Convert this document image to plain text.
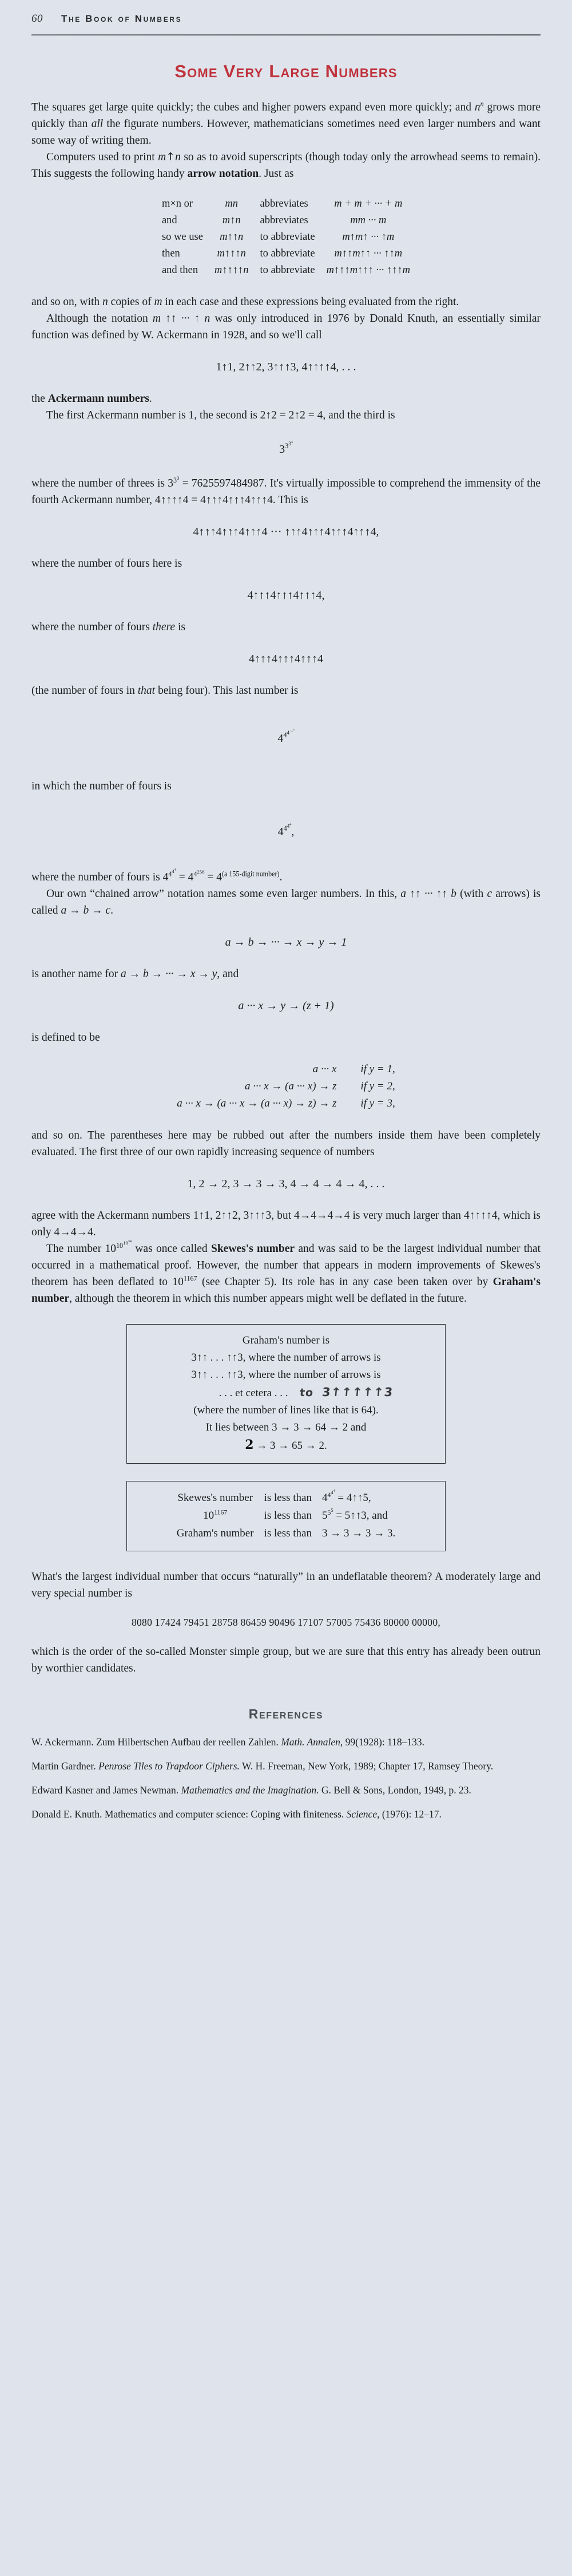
60 The Book of Numbers
Some Very Large Numbers

The squares get large quite quickly; the cubes and higher powers expand even more quickly; and $n^n$ grows more quickly than all the figurate numbers. However, mathematicians sometimes need even larger numbers and want some way of writing them.

Computers used to print m↑n so as to avoid superscripts (though today only the arrowhead seems to remain). This suggests the following handy arrow notation. Just as

m×n or	mn	abbreviates	m + m + ··· + m
and	m↑n	abbreviates	mm ··· m
so we use	m↑↑n	to abbreviate	m↑m↑ ··· ↑m
then	m↑↑↑n	to abbreviate	m↑↑m↑↑ ··· ↑↑m
and then	m↑↑↑↑n	to abbreviate	m↑↑↑m↑↑↑ ··· ↑↑↑m

and so on, with n copies of m in each case and these expressions being evaluated from the right.

Although the notation m ↑↑ ··· ↑ n was only introduced in 1976 by Donald Knuth, an essentially similar function was defined by W. Ackermann in 1928, and so we'll call

1↑1, 2↑↑2, 3↑↑↑3, 4↑↑↑↑4, . . .

the Ackermann numbers.

The first Ackermann number is 1, the second is 2↑2 = 2↑2 = 4, and the third is

$3^{3^{3^3}}$

where the number of threes is $3^{3^3} = 7625597484987$. It's virtually impossible to comprehend the immensity of the fourth Ackermann number, 4↑↑↑↑4 = 4↑↑↑4↑↑↑4↑↑↑4. This is

4↑↑↑4↑↑↑4↑↑↑4 ··· ↑↑↑4↑↑↑4↑↑↑4↑↑↑4,

where the number of fours here is

4↑↑↑4↑↑↑4↑↑↑4,

where the number of fours there is

4↑↑↑4↑↑↑4↑↑↑4

(the number of fours in that being four). This last number is

$4^{4^{4^{\cdot\cdot\cdot^4}}}$

in which the number of fours is

$4^{4^{4^4}}$,

where the number of fours is $4^{4^{4^4}} = 4^{4^{256}} = 4^{(a 155-digit number)}$.

Our own “chained arrow” notation names some even larger numbers. In this, a ↑↑ ··· ↑↑ b (with c arrows) is called a → b → c.

a → b → ··· → x → y → 1

is another name for a → b → ··· → x → y, and

a ··· x → y → (z + 1)

is defined to be

a ··· x	if y = 1,
a ··· x → (a ··· x) → z	if y = 2,
a ··· x → (a ··· x → (a ··· x) → z) → z	if y = 3,

and so on. The parentheses here may be rubbed out after the numbers inside them have been completely evaluated. The first three of our own rapidly increasing sequence of numbers

1, 2 → 2, 3 → 3 → 3, 4 → 4 → 4 → 4, . . .

agree with the Ackermann numbers 1↑1, 2↑↑2, 3↑↑↑3, but 4→4→4→4 is very much larger than 4↑↑↑↑4, which is only 4→4→4.

The number $10^{10^{10^{34}}}$ was once called Skewes's number and was said to be the largest individual number that occurred in a mathematical proof. However, the number that appears in modern improvements of Skewes's theorem has been deflated to $10^{1167}$ (see Chapter 5). Its role has in any case been taken over by Graham's number, although the theorem in which this number appears might well be deflated in the future.

Graham's number is
3↑↑ . . . ↑↑3, where the number of arrows is
3↑↑ . . . ↑↑3, where the number of arrows is
. . . et cetera . . . to 3↑↑↑↑↑3
(where the number of lines like that is 64).
It lies between 3 → 3 → 64 → 2 and
2 → 3 → 65 → 2.
Skewes's number	is less than	$4^{4^{4^4}}$ = 4↑↑5,
$10^{1167}$	is less than	$5^{5^5}$ = 5↑↑3, and
Graham's number	is less than	3 → 3 → 3 → 3.

What's the largest individual number that occurs “naturally” in an undeflatable theorem? A moderately large and very special number is

8080 17424 79451 28758 86459 90496 17107 57005 75436 80000 00000,

which is the order of the so-called Monster simple group, but we are sure that this entry has already been outrun by worthier candidates.

References

W. Ackermann. Zum Hilbertschen Aufbau der reellen Zahlen. Math. Annalen, 99(1928): 118–133.

Martin Gardner. Penrose Tiles to Trapdoor Ciphers. W. H. Freeman, New York, 1989; Chapter 17, Ramsey Theory.

Edward Kasner and James Newman. Mathematics and the Imagination. G. Bell & Sons, London, 1949, p. 23.

Donald E. Knuth. Mathematics and computer science: Coping with finiteness. Science, (1976): 12–17.
